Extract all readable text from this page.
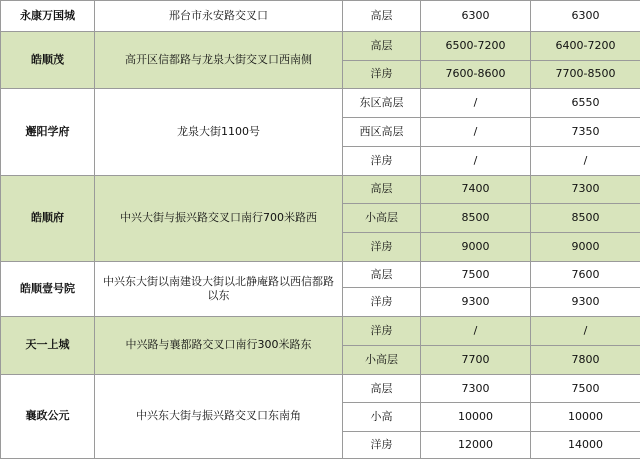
永康万国城	邢台市永安路交叉口	高层	6300	6300
皓顺茂	高开区信都路与龙泉大街交叉口西南侧	高层	6500-7200	6400-7200
		洋房	7600-8600	7700-8500
邂阳学府	龙泉大街1100号	东区高层	/	6550
		西区高层	/	7350
		洋房	/	/
皓顺府	中兴大街与振兴路交叉口南行700米路西	高层	7400	7300
		小高层	8500	8500
		洋房	9000	9000
皓顺壹号院	中兴东大街以南建设大街以北静庵路以西信都路以东	高层	7500	7600
		洋房	9300	9300
天一上城	中兴路与襄都路交叉口南行300米路东	洋房	/	/
		小高层	7700	7800
襄政公元	中兴东大街与振兴路交叉口东南角	高层	7300	7500
		小高	10000	10000
		洋房	12000	14000
